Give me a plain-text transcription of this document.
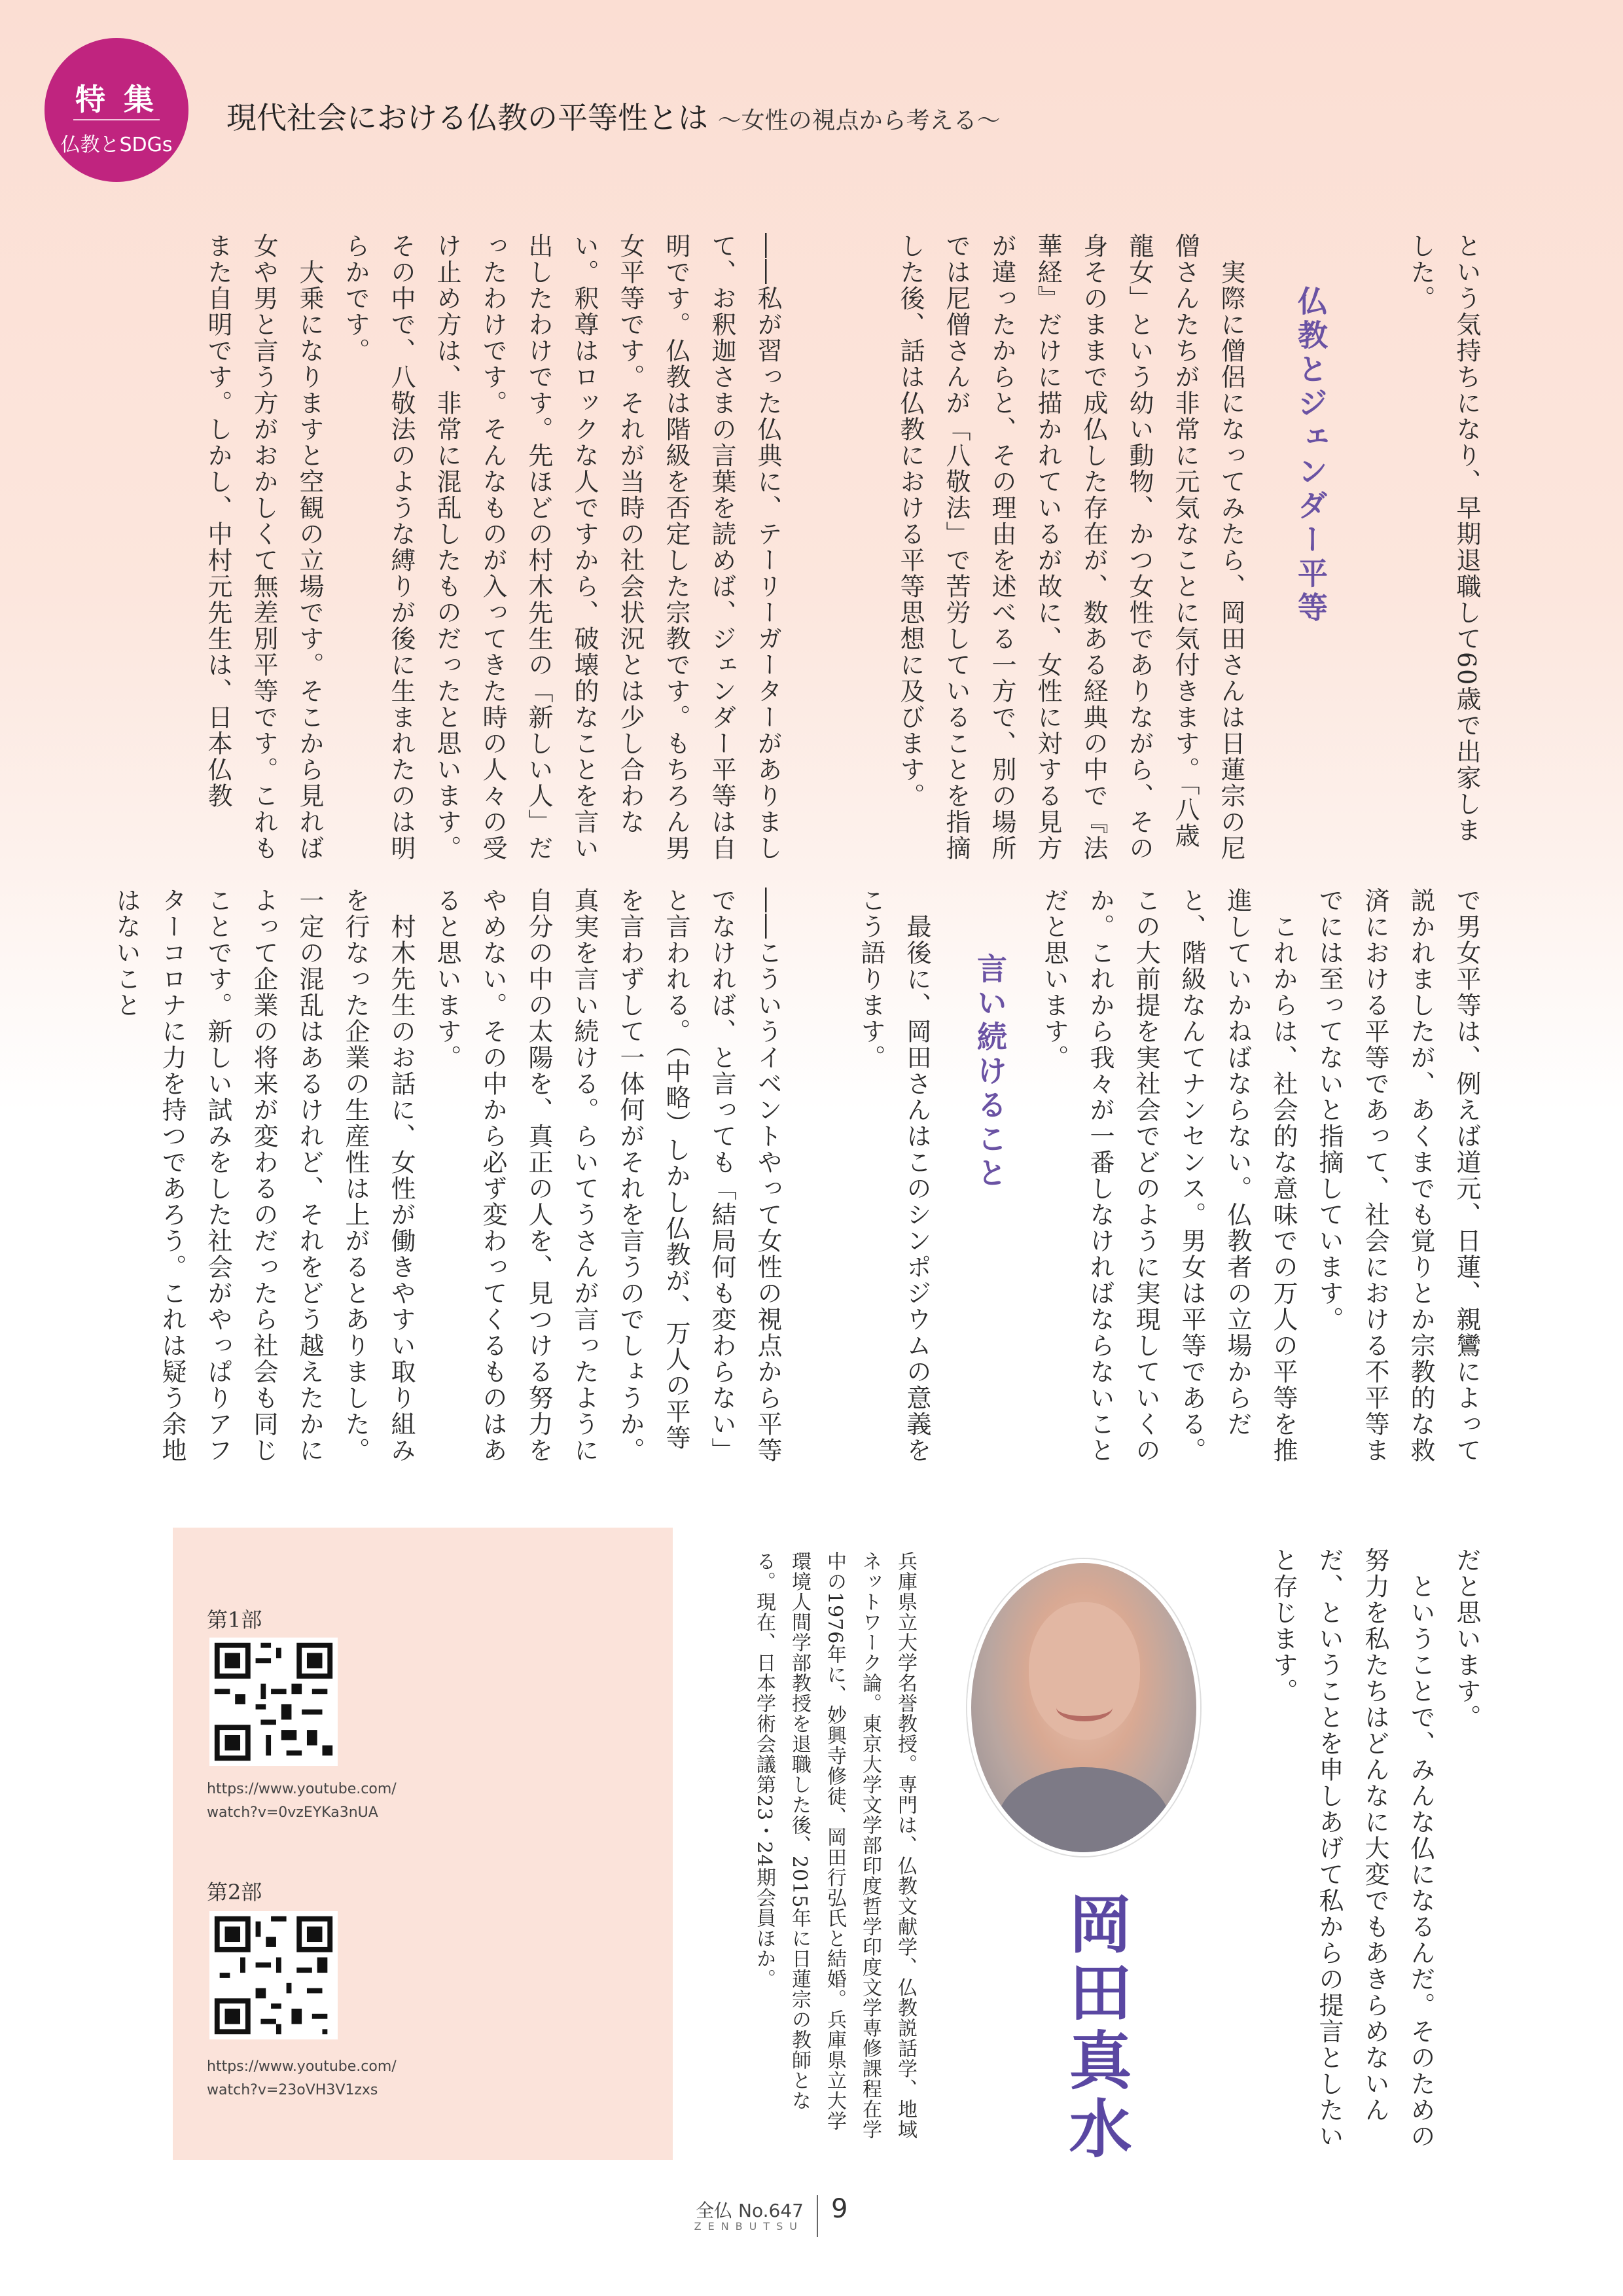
特 集
仏教とSDGs
現代社会における仏教の平等性とは ～女性の視点から考える～
という気持ちになり、早期退職して60歳で出家しました。
仏教とジェンダー平等
　実際に僧侶になってみたら、岡田さんは日蓮宗の尼僧さんたちが非常に元気なことに気付きます。「八歳龍女」という幼い動物、かつ女性でありながら、その身そのままで成仏した存在が、数ある経典の中で『法華経』だけに描かれているが故に、女性に対する見方が違ったからと、その理由を述べる一方で、別の場所では尼僧さんが「八敬法」で苦労していることを指摘した後、話は仏教における平等思想に及びます。
――私が習った仏典に、テーリーガーターがありまして、お釈迦さまの言葉を読めば、ジェンダー平等は自明です。仏教は階級を否定した宗教です。もちろん男女平等です。それが当時の社会状況とは少し合わない。釈尊はロックな人ですから、破壊的なことを言い出したわけです。先ほどの村木先生の「新しい人」だったわけです。そんなものが入ってきた時の人々の受け止め方は、非常に混乱したものだったと思います。その中で、八敬法のような縛りが後に生まれたのは明らかです。
　大乗になりますと空観の立場です。そこから見れば女や男と言う方がおかしくて無差別平等です。これもまた自明です。しかし、中村元先生は、日本仏教
で男女平等は、例えば道元、日蓮、親鸞によって説かれましたが、あくまでも覚りとか宗教的な救済における平等であって、社会における不平等までには至ってないと指摘しています。
　これからは、社会的な意味での万人の平等を推進していかねばならない。仏教者の立場からだと、階級なんてナンセンス。男女は平等である。この大前提を実社会でどのように実現していくのか。これから我々が一番しなければならないことだと思います。
言い続けること
　最後に、岡田さんはこのシンポジウムの意義をこう語ります。
――こういうイベントやって女性の視点から平等でなければ、と言っても「結局何も変わらない」と言われる。（中略）しかし仏教が、万人の平等を言わずして一体何がそれを言うのでしょうか。真実を言い続ける。らいてうさんが言ったように自分の中の太陽を、真正の人を、見つける努力をやめない。その中から必ず変わってくるものはあると思います。
　村木先生のお話に、女性が働きやすい取り組みを行なった企業の生産性は上がるとありました。一定の混乱はあるけれど、それをどう越えたかによって企業の将来が変わるのだったら社会も同じことです。新しい試みをした社会がやっぱりアフターコロナに力を持つであろう。これは疑う余地はないこと
だと思います。
　ということで、みんな仏になるんだ。そのための努力を私たちはどんなに大変でもあきらめないんだ、ということを申しあげて私からの提言としたいと存じます。
岡田真水
兵庫県立大学名誉教授。専門は、仏教文献学、仏教説話学、地域ネットワーク論。東京大学文学部印度哲学印度文学専修課程在学中の1976年に、妙興寺修徒、岡田行弘氏と結婚。兵庫県立大学環境人間学部教授を退職した後、2015年に日蓮宗の教師となる。現在、日本学術会議第23・24期会員ほか。
第1部
https://www.youtube.com/
watch?v=0vzEYKa3nUA
第2部
https://www.youtube.com/
watch?v=23oVH3V1zxs
全仏 No.647
ZENBUTSU
9
